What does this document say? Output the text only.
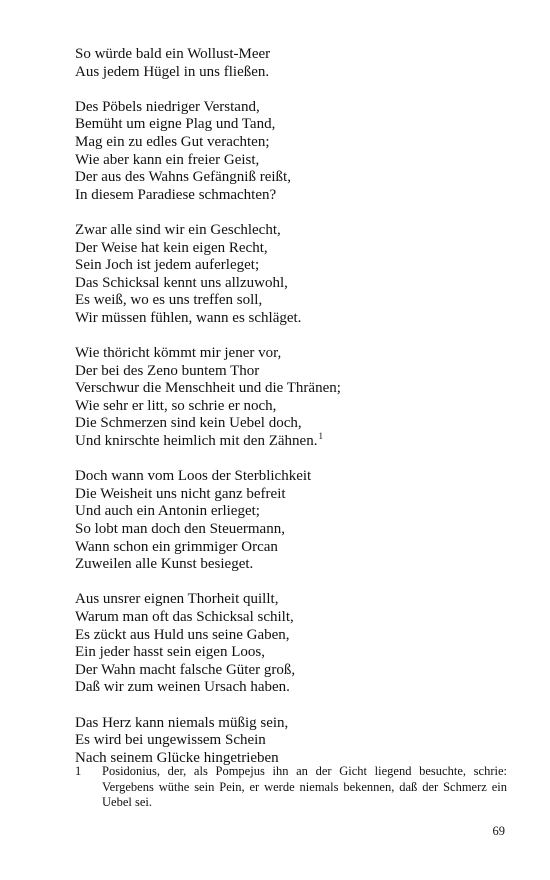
So würde bald ein Wollust-Meer
Aus jedem Hügel in uns fließen.
Des Pöbels niedriger Verstand,
Bemüht um eigne Plag und Tand,
Mag ein zu edles Gut verachten;
Wie aber kann ein freier Geist,
Der aus des Wahns Gefängniß reißt,
In diesem Paradiese schmachten?
Zwar alle sind wir ein Geschlecht,
Der Weise hat kein eigen Recht,
Sein Joch ist jedem auferleget;
Das Schicksal kennt uns allzuwohl,
Es weiß, wo es uns treffen soll,
Wir müssen fühlen, wann es schläget.
Wie thöricht kömmt mir jener vor,
Der bei des Zeno buntem Thor
Verschwur die Menschheit und die Thränen;
Wie sehr er litt, so schrie er noch,
Die Schmerzen sind kein Uebel doch,
Und knirschte heimlich mit den Zähnen.$^1$
Doch wann vom Loos der Sterblichkeit
Die Weisheit uns nicht ganz befreit
Und auch ein Antonin erlieget;
So lobt man doch den Steuermann,
Wann schon ein grimmiger Orcan
Zuweilen alle Kunst besieget.
Aus unsrer eignen Thorheit quillt,
Warum man oft das Schicksal schilt,
Es zückt aus Huld uns seine Gaben,
Ein jeder hasst sein eigen Loos,
Der Wahn macht falsche Güter groß,
Daß wir zum weinen Ursach haben.
Das Herz kann niemals müßig sein,
Es wird bei ungewissem Schein
Nach seinem Glücke hingetrieben
1	Posidonius, der, als Pompejus ihn an der Gicht liegend besuchte, schrie: Vergebens wüthe sein Pein, er werde niemals bekennen, daß der Schmerz ein Uebel sei.
69
